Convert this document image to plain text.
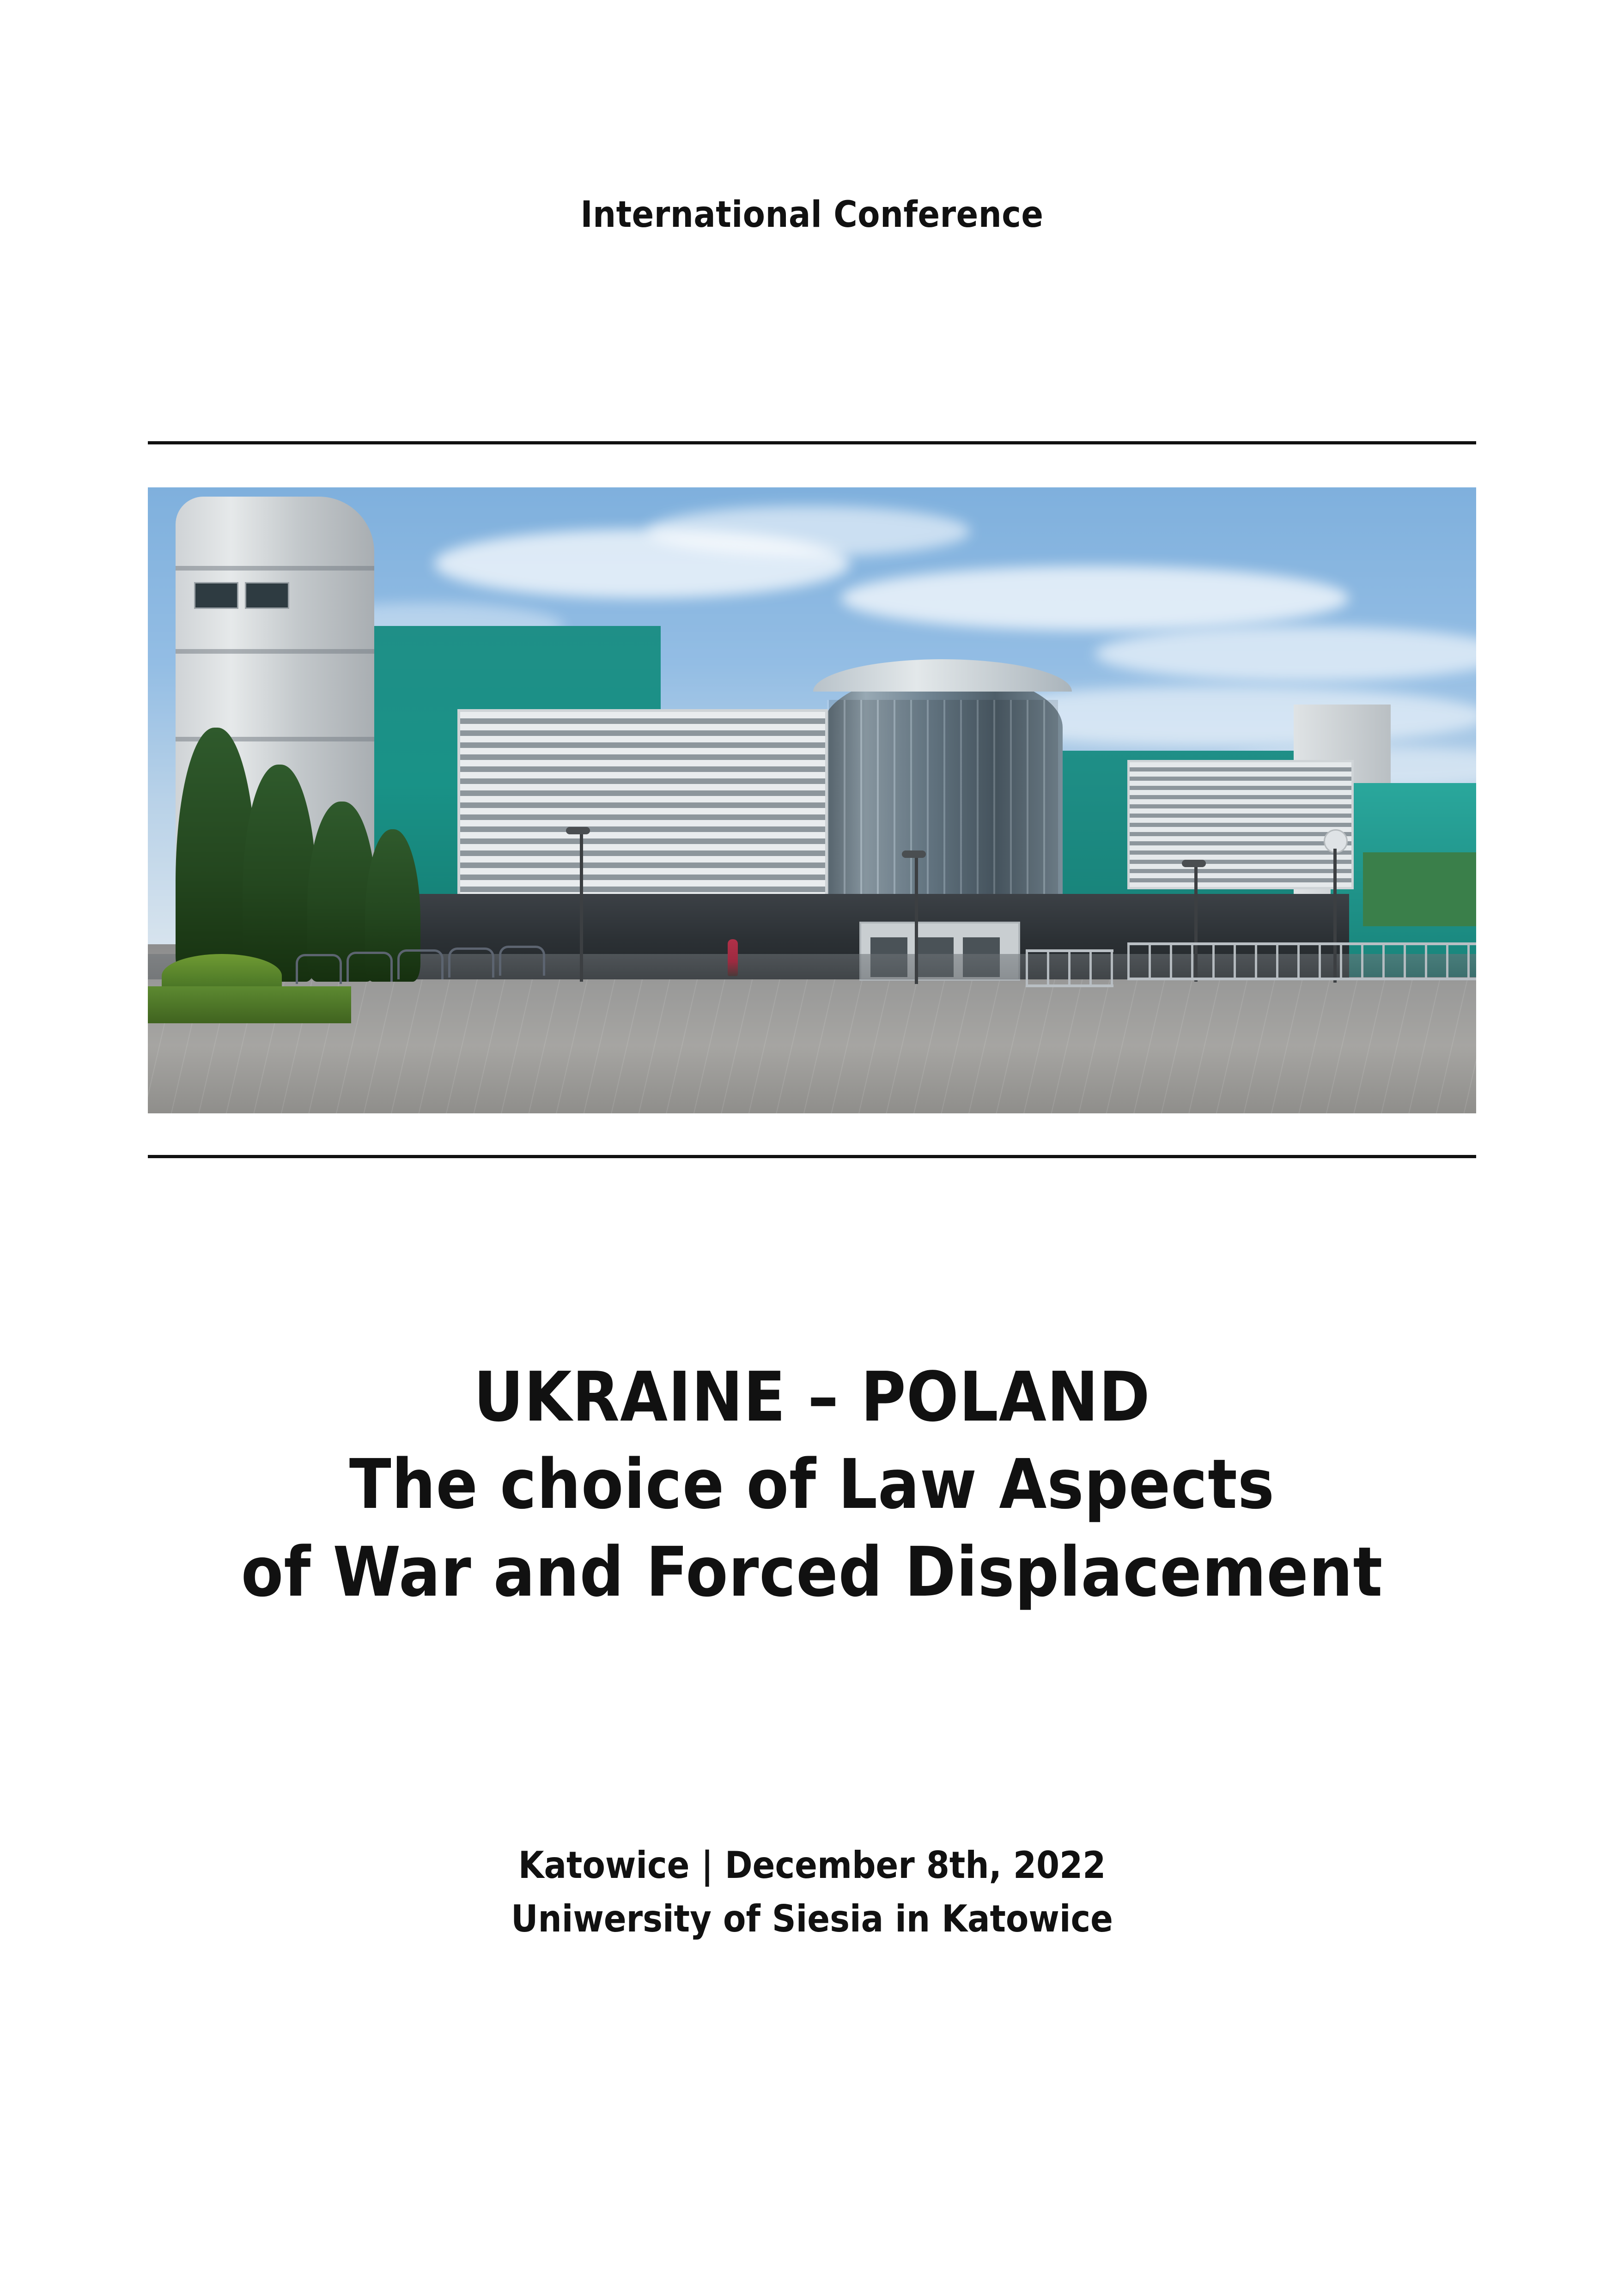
International Conference
UKRAINE – POLAND
The choice of Law Aspects
of War and Forced Displacement
Katowice | December 8th, 2022
Uniwersity of Siesia in Katowice
